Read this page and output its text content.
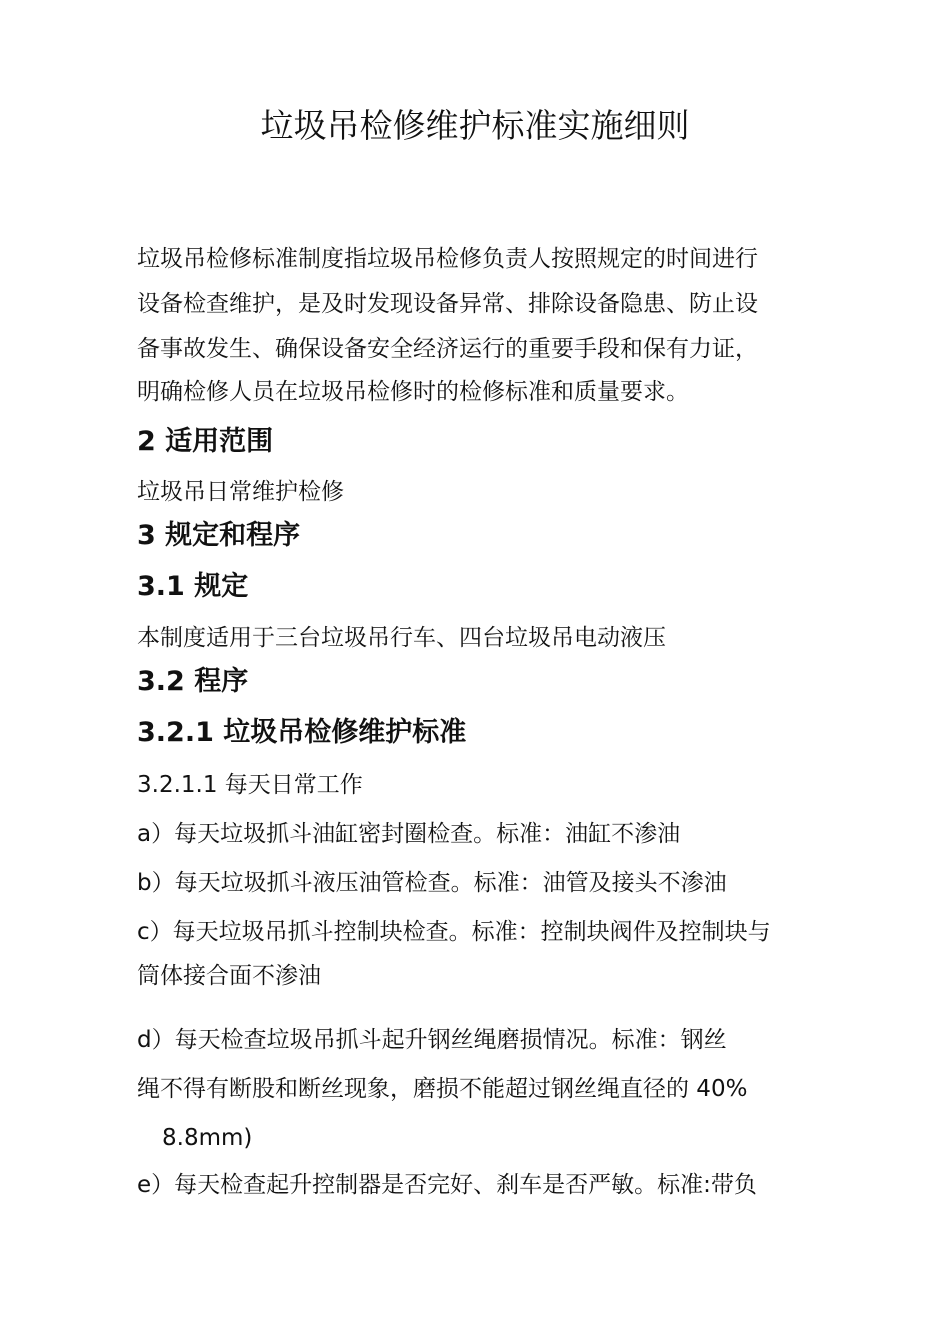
垃圾吊检修维护标准实施细则

垃圾吊检修标准制度指垃圾吊检修负责人按照规定的时间进行

设备检查维护，是及时发现设备异常、排除设备隐患、防止设

备事故发生、确保设备安全经济运行的重要手段和保有力证，

明确检修人员在垃圾吊检修时的检修标准和质量要求。

2 适用范围

垃圾吊日常维护检修

3 规定和程序
3.1 规定

本制度适用于三台垃圾吊行车、四台垃圾吊电动液压

3.2 程序
3.2.1 垃圾吊检修维护标准

3.2.1.1 每天日常工作

a）每天垃圾抓斗油缸密封圈检查。标准：油缸不渗油

b）每天垃圾抓斗液压油管检查。标准：油管及接头不渗油

c）每天垃圾吊抓斗控制块检查。标准：控制块阀件及控制块与

筒体接合面不渗油

d）每天检查垃圾吊抓斗起升钢丝绳磨损情况。标准：钢丝

绳不得有断股和断丝现象，磨损不能超过钢丝绳直径的 40%

8.8mm)

e）每天检查起升控制器是否完好、刹车是否严敏。标准:带负
